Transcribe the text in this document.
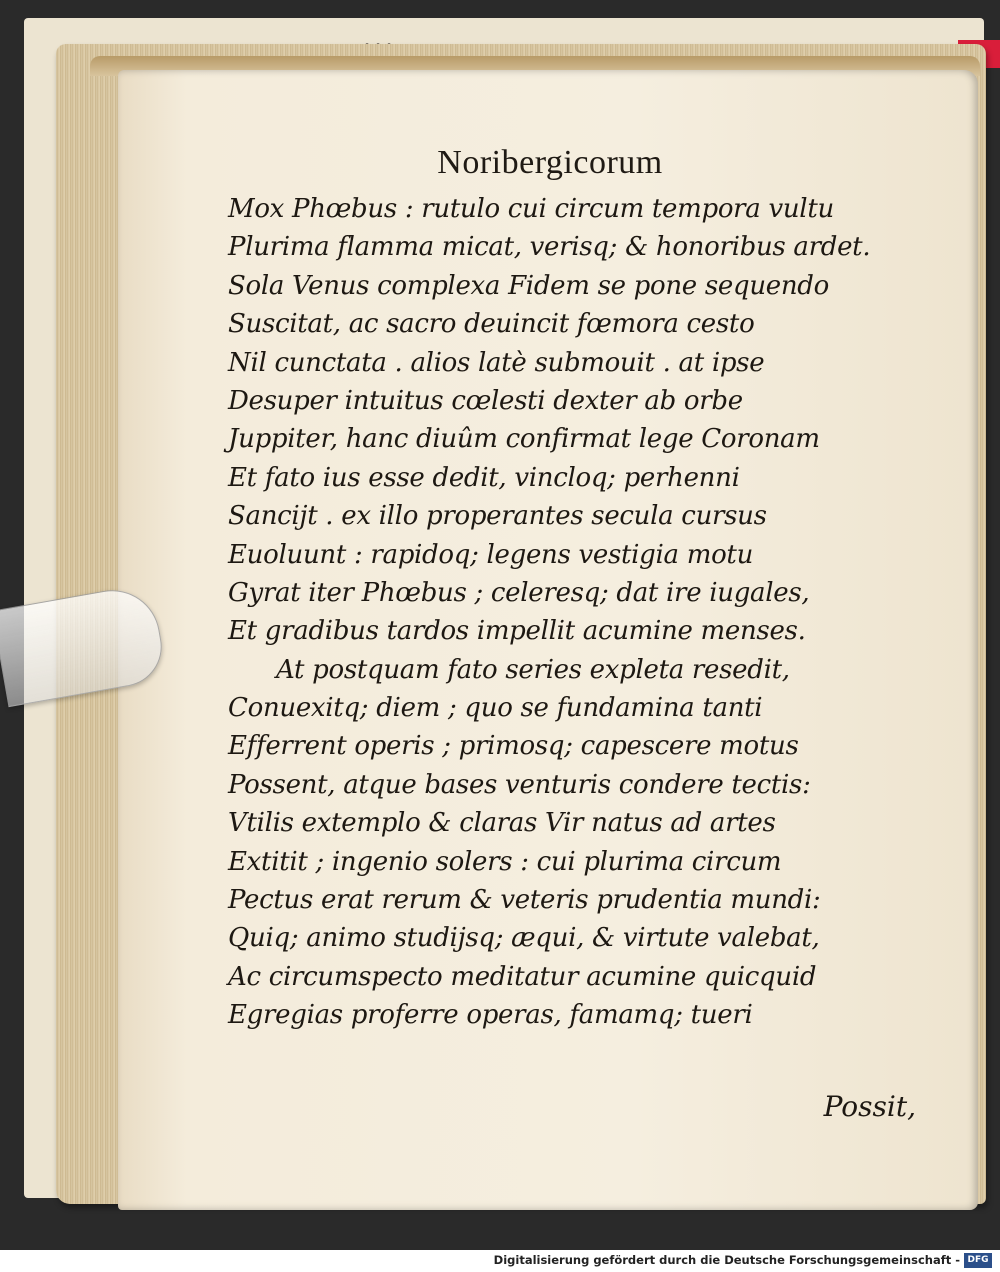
Noribergicorum
Mox Phœbus : rutulo cui circum tempora vultu
Plurima flamma micat, verisq; & honoribus ardet.
Sola Venus complexa Fidem se pone sequendo
Suscitat, ac sacro deuincit fœmora cesto
Nil cunctata . alios latè submouit . at ipse
Desuper intuitus cœlesti dexter ab orbe
Juppiter, hanc diuûm confirmat lege Coronam
Et fato ius esse dedit, vincloq; perhenni
Sancijt . ex illo properantes secula cursus
Euoluunt : rapidoq; legens vestigia motu
Gyrat iter Phœbus ; celeresq; dat ire iugales,
Et gradibus tardos impellit acumine menses.
At postquam fato series expleta resedit,
Conuexitq; diem ; quo se fundamina tanti
Efferrent operis ; primosq; capescere motus
Possent, atque bases venturis condere tectis:
Vtilis extemplo & claras Vir natus ad artes
Extitit ; ingenio solers : cui plurima circum
Pectus erat rerum & veteris prudentia mundi:
Quiq; animo studijsq; æqui, & virtute valebat,
Ac circumspecto meditatur acumine quicquid
Egregias proferre operas, famamq; tueri
Possit,
Digitalisierung gefördert durch die Deutsche Forschungsgemeinschaft - DFG
